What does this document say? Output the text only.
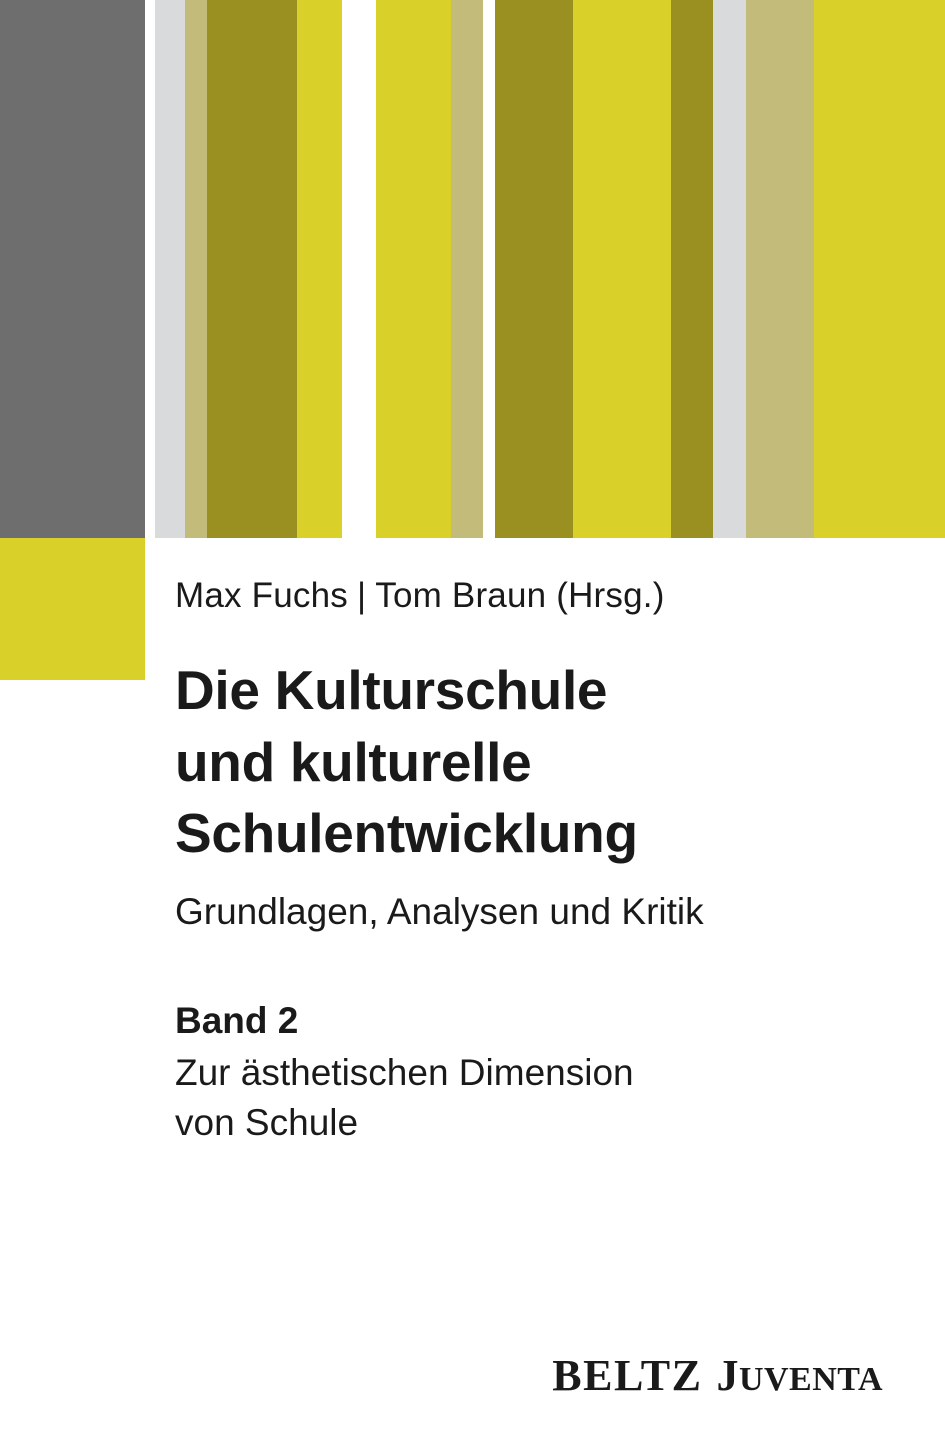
Max Fuchs | Tom Braun (Hrsg.)
Die Kulturschule
und kulturelle
Schulentwicklung
Grundlagen, Analysen und Kritik
Band 2
Zur ästhetischen Dimension
von Schule
BELTZ JUVENTA
